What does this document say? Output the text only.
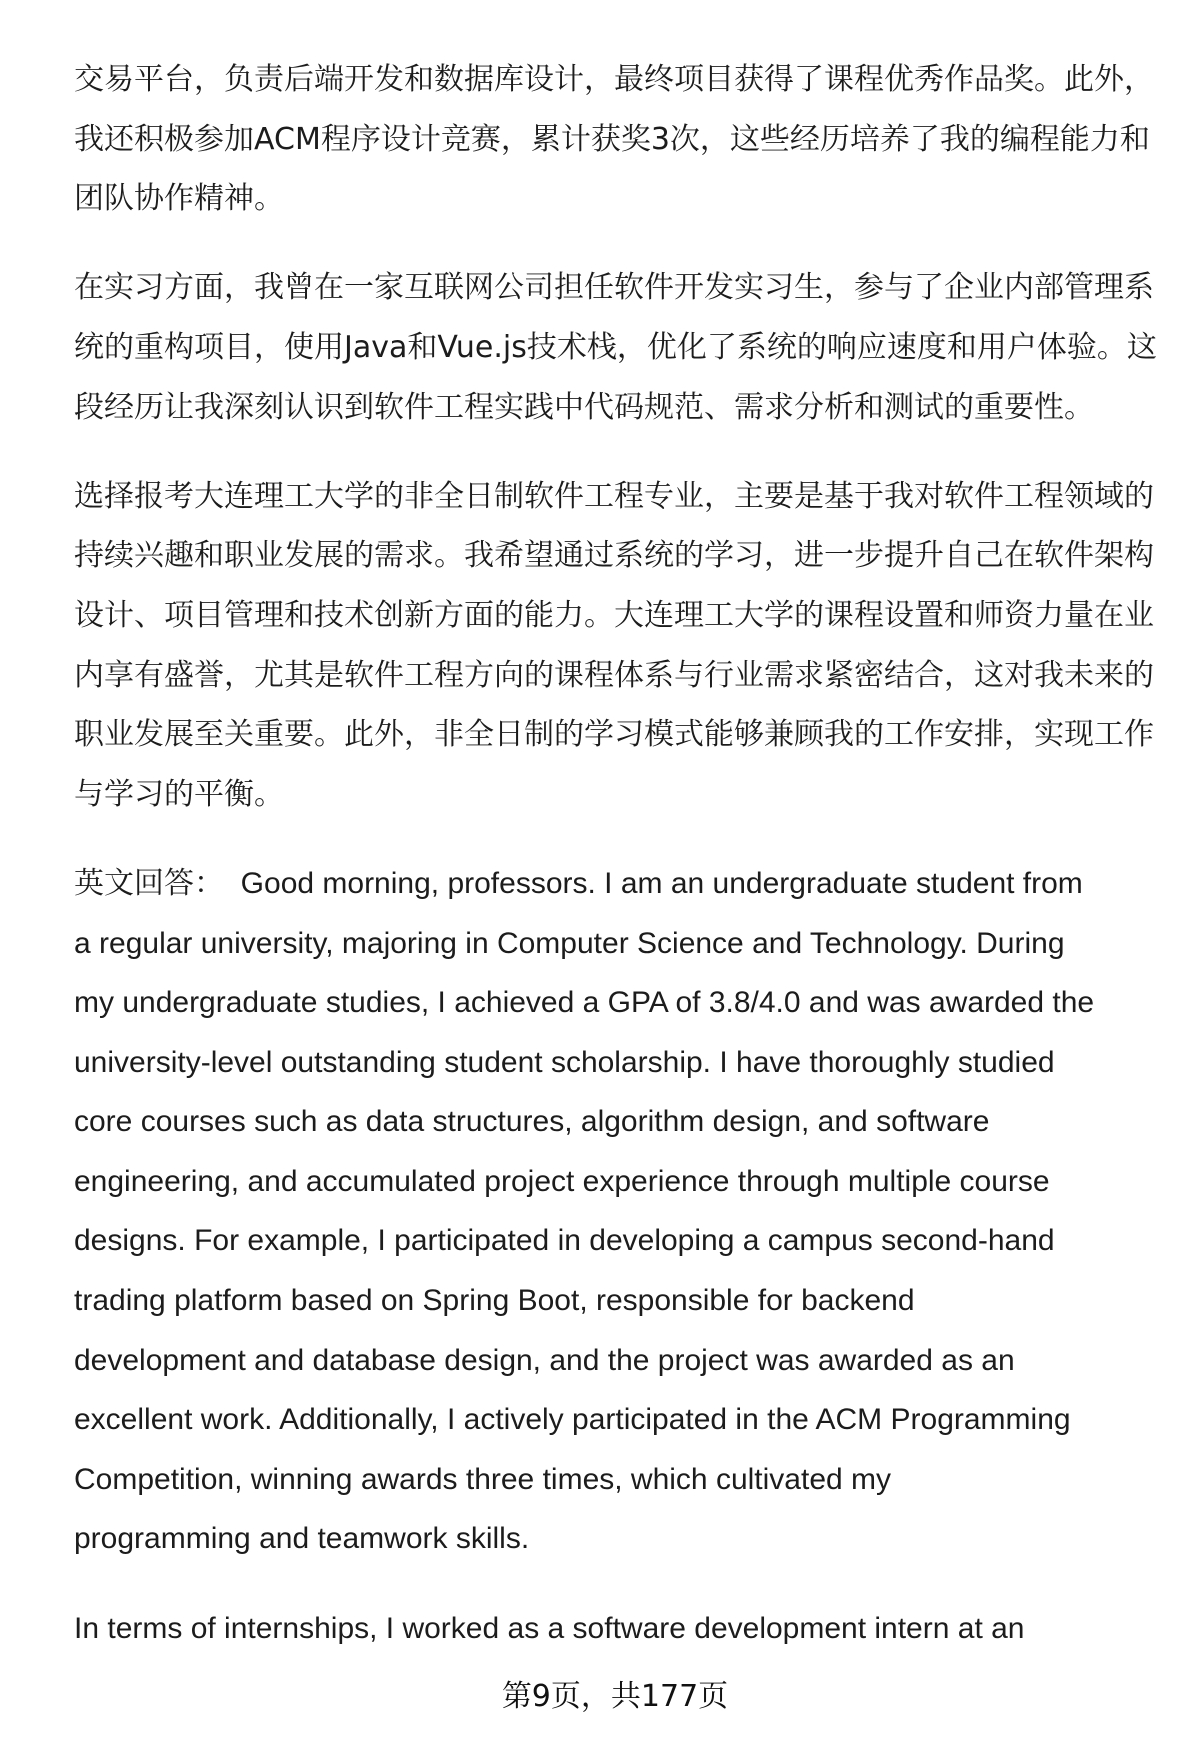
交易平台，负责后端开发和数据库设计，最终项目获得了课程优秀作品奖。此外，
我还积极参加ACM程序设计竞赛，累计获奖3次，这些经历培养了我的编程能力和
团队协作精神。
在实习方面，我曾在一家互联网公司担任软件开发实习生，参与了企业内部管理系
统的重构项目，使用Java和Vue.js技术栈，优化了系统的响应速度和用户体验。这
段经历让我深刻认识到软件工程实践中代码规范、需求分析和测试的重要性。
选择报考大连理工大学的非全日制软件工程专业，主要是基于我对软件工程领域的
持续兴趣和职业发展的需求。我希望通过系统的学习，进一步提升自己在软件架构
设计、项目管理和技术创新方面的能力。大连理工大学的课程设置和师资力量在业
内享有盛誉，尤其是软件工程方向的课程体系与行业需求紧密结合，这对我未来的
职业发展至关重要。此外，非全日制的学习模式能够兼顾我的工作安排，实现工作
与学习的平衡。
英文回答：  Good morning, professors. I am an undergraduate student from
a regular university, majoring in Computer Science and Technology. During
my undergraduate studies, I achieved a GPA of 3.8/4.0 and was awarded the
university-level outstanding student scholarship. I have thoroughly studied
core courses such as data structures, algorithm design, and software
engineering, and accumulated project experience through multiple course
designs. For example, I participated in developing a campus second-hand
trading platform based on Spring Boot, responsible for backend
development and database design, and the project was awarded as an
excellent work. Additionally, I actively participated in the ACM Programming
Competition, winning awards three times, which cultivated my
programming and teamwork skills.
In terms of internships, I worked as a software development intern at an
第9页，共177页
